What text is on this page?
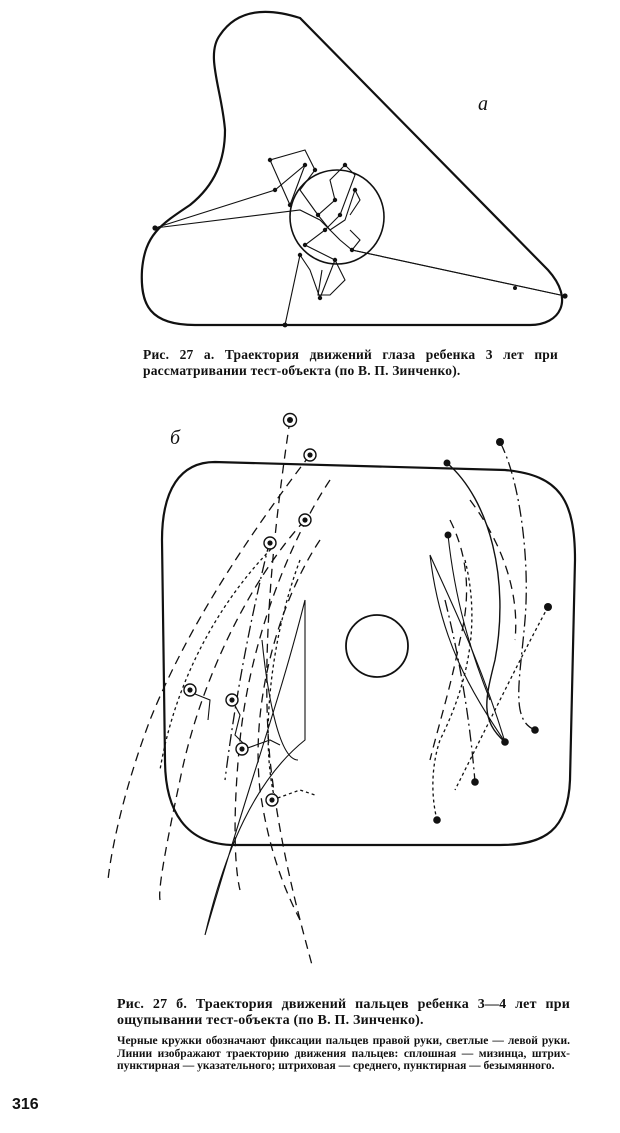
а
б
Рис. 27 а. Траектория движений глаза ребенка 3 лет при рассматривании тест-объекта (по В. П. Зинченко).
Рис. 27 б. Траектория движений пальцев ребенка 3—4 лет при ощупывании тест-объекта (по В. П. Зинченко).
Черные кружки обозначают фиксации пальцев правой руки, светлые — левой руки. Линии изображают траекторию движения пальцев: сплошная — мизинца, штрих-пунктирная — указательного; штриховая — среднего, пунктирная — безымянного.
316
